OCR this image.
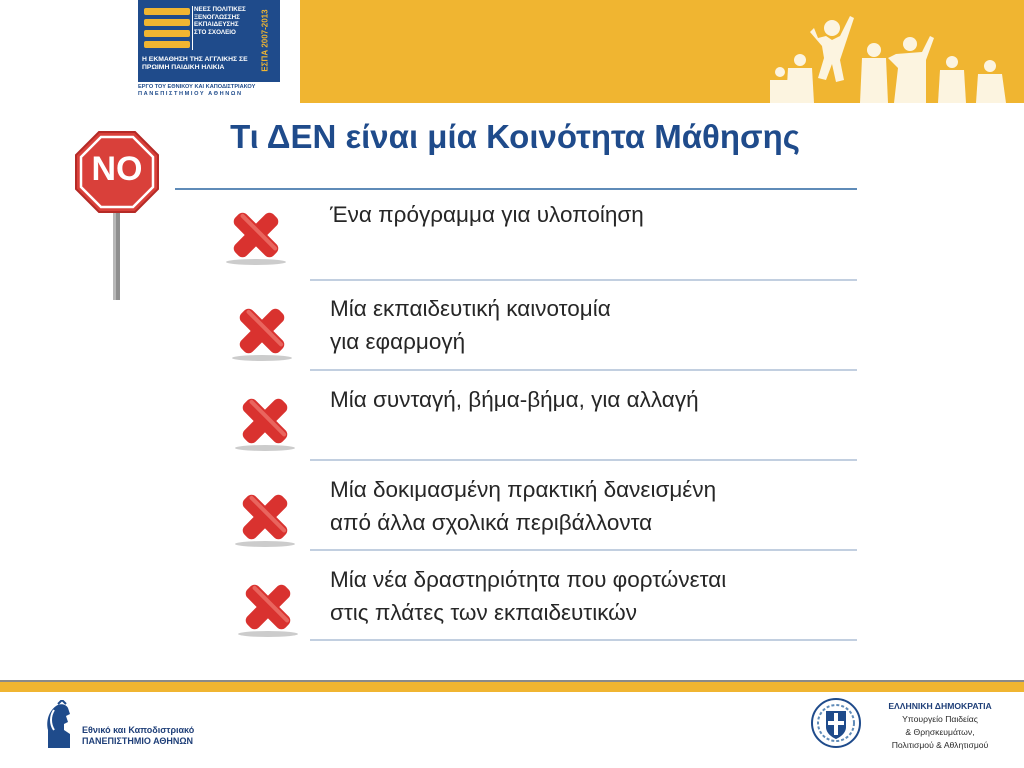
ΝΕΕΣ ΠΟΛΙΤΙΚΕΣ
ΞΕΝΟΓΛΩΣΣΗΣ
ΕΚΠΑΙΔΕΥΣΗΣ
ΣΤΟ ΣΧΟΛΕΙΟ	ΕΣΠΑ 2007-2013
Η ΕΚΜΑΘΗΣΗ ΤΗΣ ΑΓΓΛΙΚΗΣ ΣΕ
ΠΡΩΙΜΗ ΠΑΙΔΙΚΗ ΗΛΙΚΙΑ
ΕΡΓΟ ΤΟΥ ΕΘΝΙΚΟΥ ΚΑΙ ΚΑΠΟΔΙΣΤΡΙΑΚΟΥ
ΠΑΝΕΠΙΣΤΗΜΙΟΥ ΑΘΗΝΩΝ
Τι ΔΕΝ είναι μία Κοινότητα Μάθησης
NO

Ένα πρόγραμμα για υλοποίηση

Μία εκπαιδευτική καινοτομία
για εφαρμογή

Μία συνταγή, βήμα-βήμα, για αλλαγή

Μία δοκιμασμένη πρακτική δανεισμένη
από άλλα σχολικά περιβάλλοντα

Μία νέα δραστηριότητα που φορτώνεται
στις πλάτες των εκπαιδευτικών

Εθνικό και Καποδιστριακό
ΠΑΝΕΠΙΣΤΗΜΙΟ ΑΘΗΝΩΝ
ΕΛΛΗΝΙΚΗ ΔΗΜΟΚΡΑΤΙΑ
Υπουργείο Παιδείας
& Θρησκευμάτων,
Πολιτισμού & Αθλητισμού
